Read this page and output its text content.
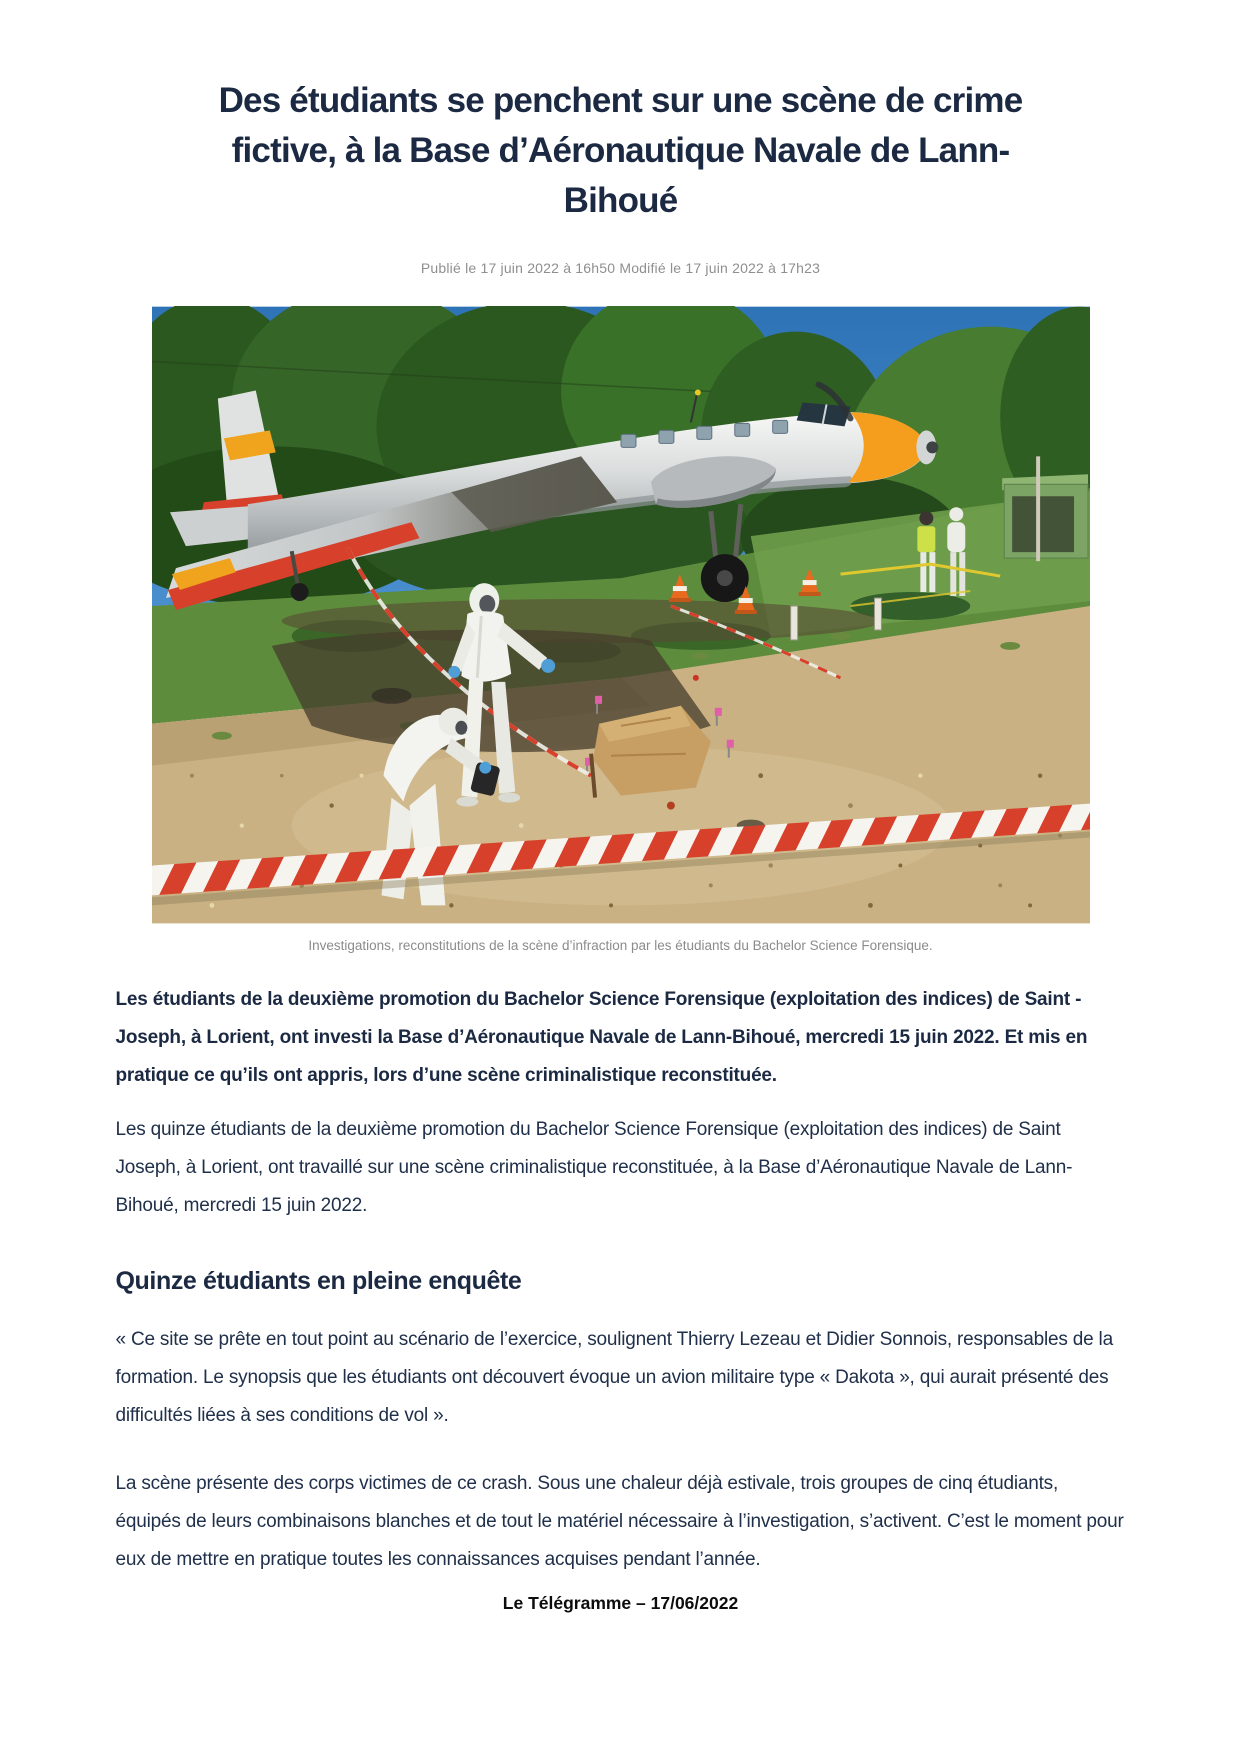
Des étudiants se penchent sur une scène de crime fictive, à la Base d’Aéronautique Navale de Lann-Bihoué
Publié le 17 juin 2022 à 16h50 Modifié le 17 juin 2022 à 17h23
Investigations, reconstitutions de la scène d’infraction par les étudiants du Bachelor Science Forensique.

Les étudiants de la deuxième promotion du Bachelor Science Forensique (exploitation des indices) de Saint -Joseph, à Lorient, ont investi la Base d’Aéronautique Navale de Lann-Bihoué, mercredi 15 juin 2022. Et mis en pratique ce qu’ils ont appris, lors d’une scène criminalistique reconstituée.

Les quinze étudiants de la deuxième promotion du Bachelor Science Forensique (exploitation des indices) de Saint Joseph, à Lorient, ont travaillé sur une scène criminalistique reconstituée, à la Base d’Aéronautique Navale de Lann-Bihoué, mercredi 15 juin 2022.

Quinze étudiants en pleine enquête

« Ce site se prête en tout point au scénario de l’exercice, soulignent Thierry Lezeau et Didier Sonnois, responsables de la formation. Le synopsis que les étudiants ont découvert évoque un avion militaire type « Dakota », qui aurait présenté des difficultés liées à ses conditions de vol ».

La scène présente des corps victimes de ce crash. Sous une chaleur déjà estivale, trois groupes de cinq étudiants, équipés de leurs combinaisons blanches et de tout le matériel nécessaire à l’investigation, s’activent. C’est le moment pour eux de mettre en pratique toutes les connaissances acquises pendant l’année.

Le Télégramme – 17/06/2022
